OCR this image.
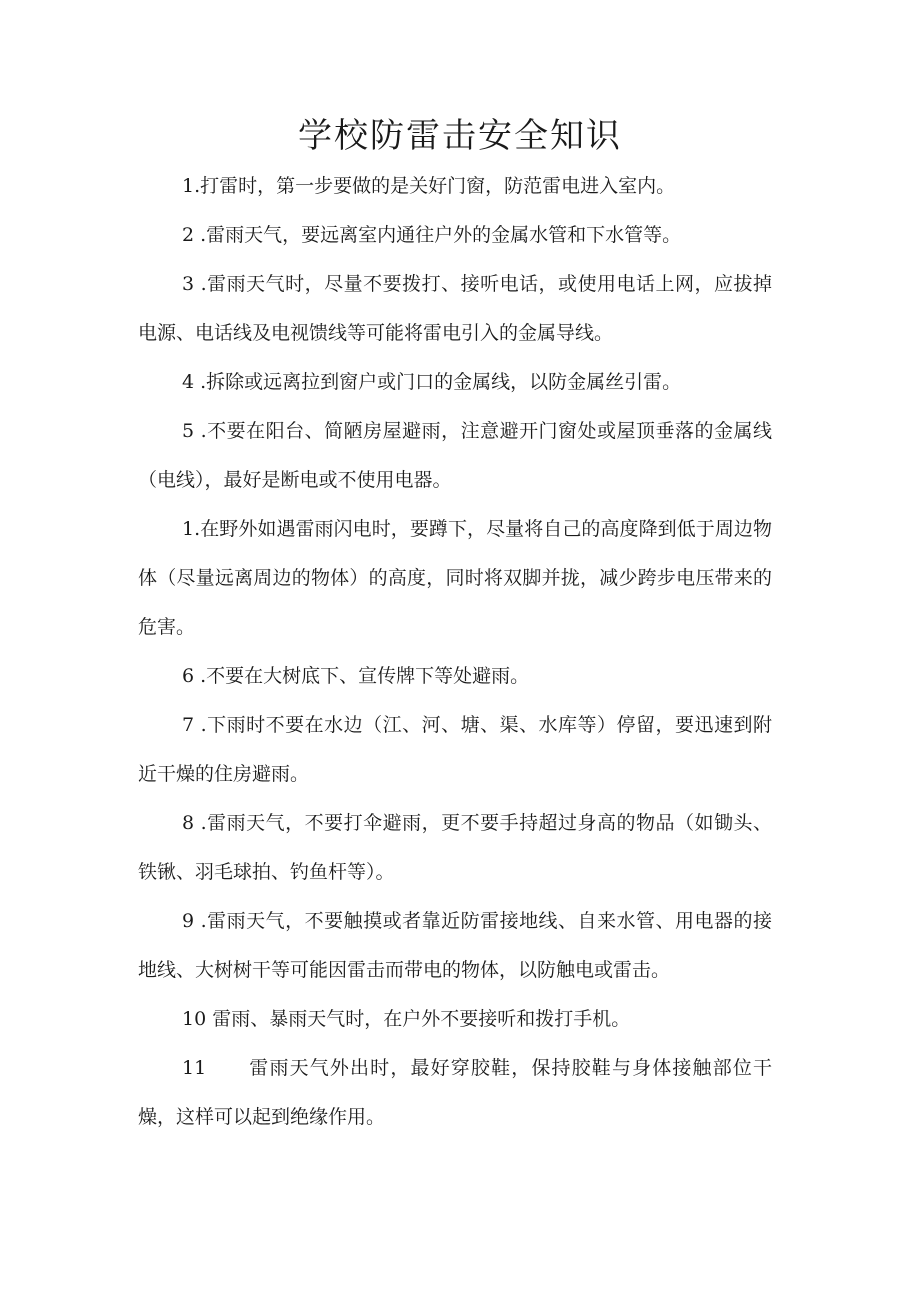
学校防雷击安全知识

1.打雷时，第一步要做的是关好门窗，防范雷电进入室内。

2 .雷雨天气，要远离室内通往户外的金属水管和下水管等。

3 .雷雨天气时，尽量不要拨打、接听电话，或使用电话上网，应拔掉电源、电话线及电视馈线等可能将雷电引入的金属导线。

4 .拆除或远离拉到窗户或门口的金属线，以防金属丝引雷。

5 .不要在阳台、简陋房屋避雨，注意避开门窗处或屋顶垂落的金属线（电线），最好是断电或不使用电器。

1.在野外如遇雷雨闪电时，要蹲下，尽量将自己的高度降到低于周边物体（尽量远离周边的物体）的高度，同时将双脚并拢，减少跨步电压带来的危害。

6 .不要在大树底下、宣传牌下等处避雨。

7 .下雨时不要在水边（江、河、塘、渠、水库等）停留，要迅速到附近干燥的住房避雨。

8 .雷雨天气，不要打伞避雨，更不要手持超过身高的物品（如锄头、铁锹、羽毛球拍、钓鱼杆等）。

9 .雷雨天气，不要触摸或者靠近防雷接地线、自来水管、用电器的接地线、大树树干等可能因雷击而带电的物体，以防触电或雷击。

10 雷雨、暴雨天气时，在户外不要接听和拨打手机。

11      雷雨天气外出时，最好穿胶鞋，保持胶鞋与身体接触部位干燥，这样可以起到绝缘作用。
